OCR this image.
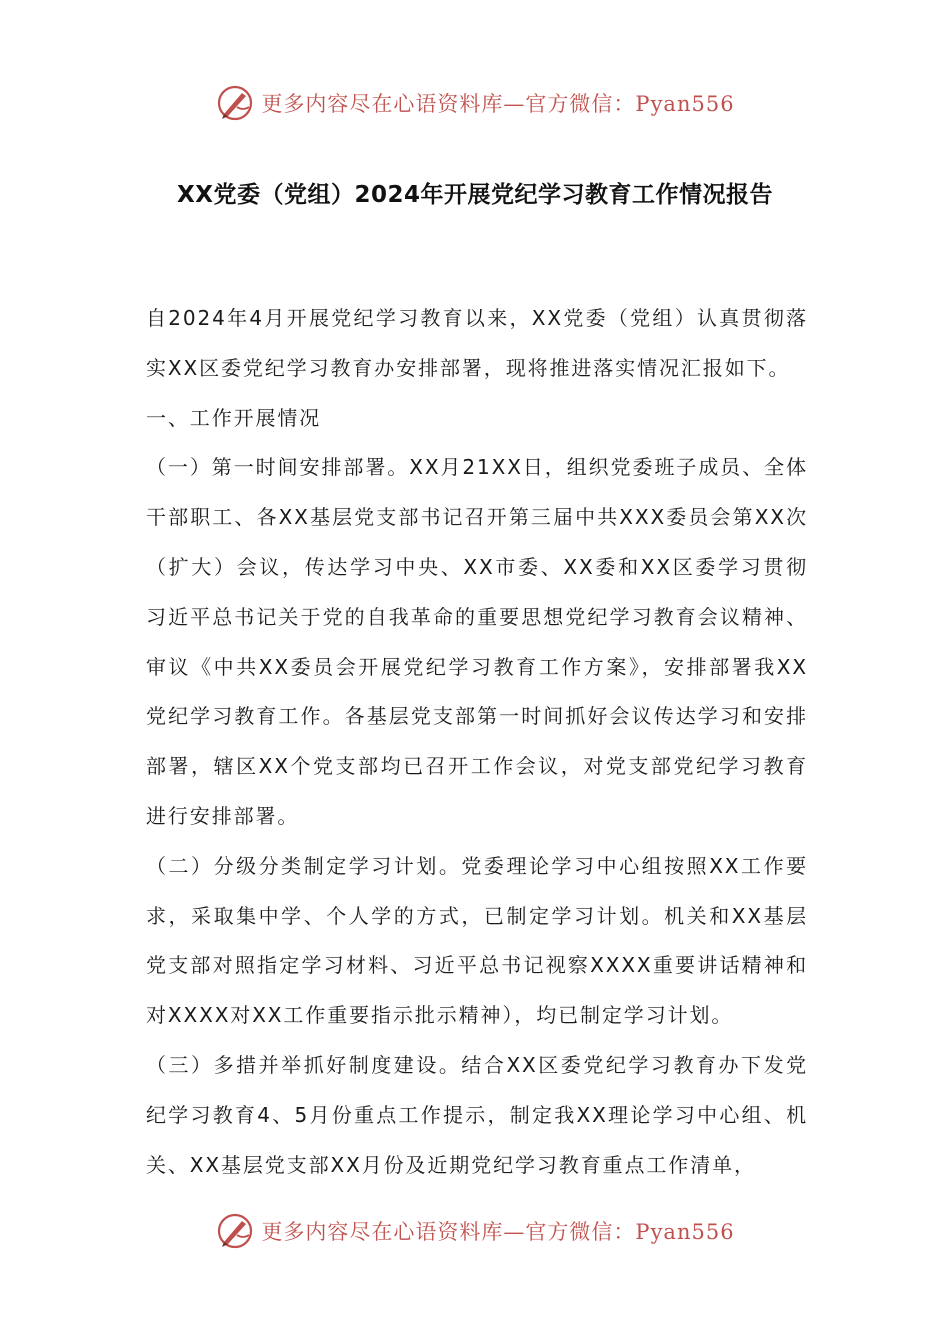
更多内容尽在心语资料库—官方微信：Pyan556
XX党委（党组）2024年开展党纪学习教育工作情况报告

自2024年4月开展党纪学习教育以来，XX党委（党组）认真贯彻落实XX区委党纪学习教育办安排部署，现将推进落实情况汇报如下。

一、工作开展情况

（一）第一时间安排部署。XX月21XX日，组织党委班子成员、全体干部职工、各XX基层党支部书记召开第三届中共XXX委员会第XX次（扩大）会议，传达学习中央、XX市委、XX委和XX区委学习贯彻习近平总书记关于党的自我革命的重要思想党纪学习教育会议精神、审议《中共XX委员会开展党纪学习教育工作方案》，安排部署我XX党纪学习教育工作。各基层党支部第一时间抓好会议传达学习和安排部署，辖区XX个党支部均已召开工作会议，对党支部党纪学习教育进行安排部署。

（二）分级分类制定学习计划。党委理论学习中心组按照XX工作要求，采取集中学、个人学的方式，已制定学习计划。机关和XX基层党支部对照指定学习材料、习近平总书记视察XXXX重要讲话精神和对XXXX对XX工作重要指示批示精神），均已制定学习计划。

（三）多措并举抓好制度建设。结合XX区委党纪学习教育办下发党纪学习教育4、5月份重点工作提示，制定我XX理论学习中心组、机关、XX基层党支部XX月份及近期党纪学习教育重点工作清单，

更多内容尽在心语资料库—官方微信：Pyan556
